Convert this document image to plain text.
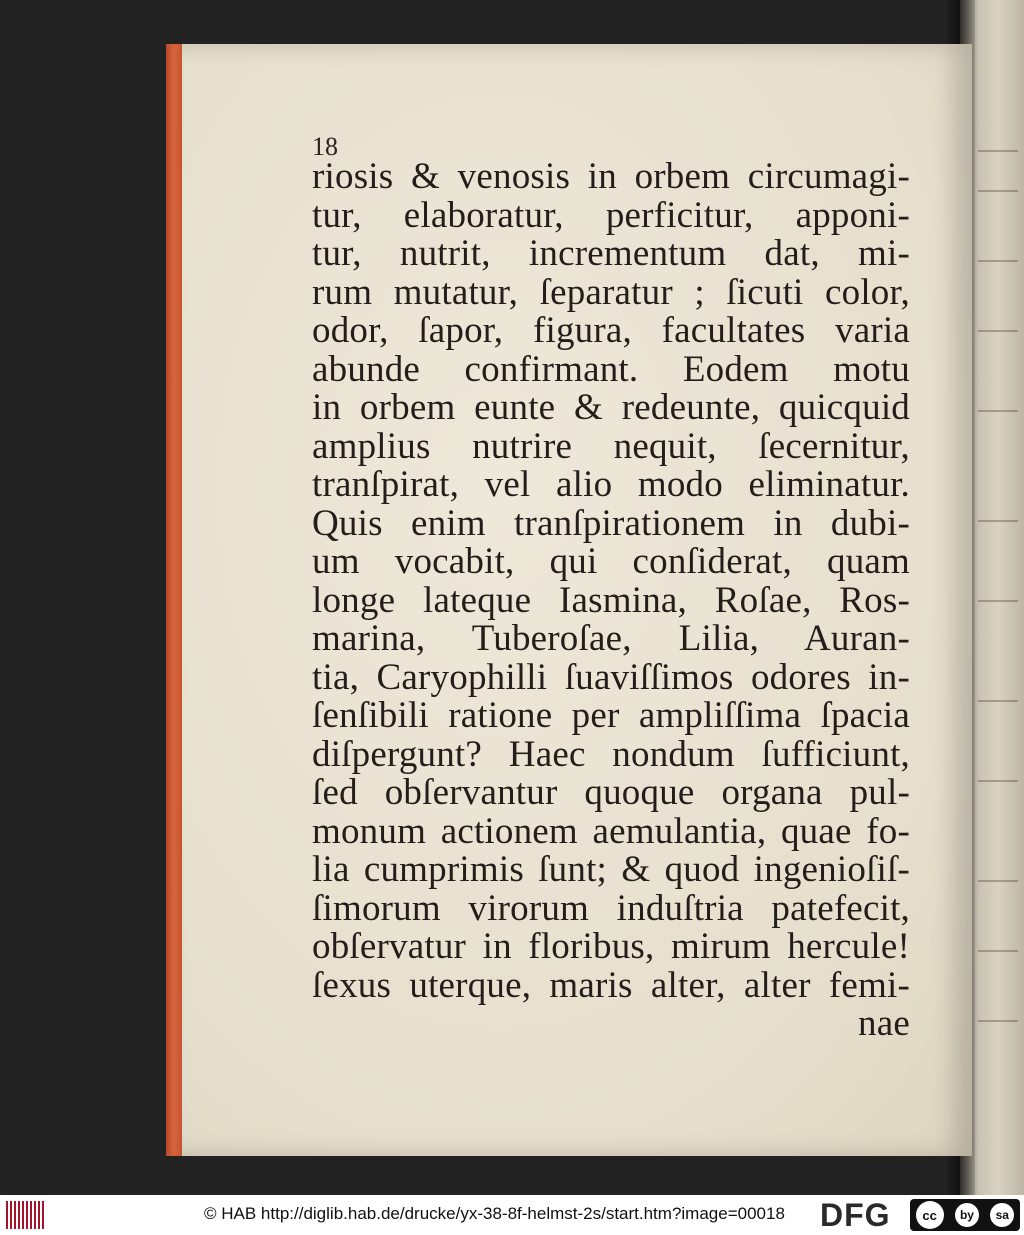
18
riosis & venosis in orbem circumagi-
tur, elaboratur, perficitur, apponi-
tur, nutrit, incrementum dat, mi-
rum mutatur, ſeparatur ; ſicuti color,
odor, ſapor, figura, facultates varia
abunde confirmant. Eodem motu
in orbem eunte & redeunte, quicquid
amplius nutrire nequit, ſecernitur,
tranſpirat, vel alio modo eliminatur.
Quis enim tranſpirationem in dubi-
um vocabit, qui conſiderat, quam
longe lateque Iasmina, Roſae, Ros-
marina, Tuberoſae, Lilia, Auran-
tia, Caryophilli ſuaviſſimos odores in-
ſenſibili ratione per ampliſſima ſpacia
diſpergunt? Haec nondum ſufficiunt,
ſed obſervantur quoque organa pul-
monum actionem aemulantia, quae fo-
lia cumprimis ſunt; & quod ingenioſiſ-
ſimorum virorum induſtria patefecit,
obſervatur in floribus, mirum hercule!
ſexus uterque, maris alter, alter femi-
nae
© HAB http://diglib.hab.de/drucke/yx-38-8f-helmst-2s/start.htm?image=00018 DFG	cc	by	sa
